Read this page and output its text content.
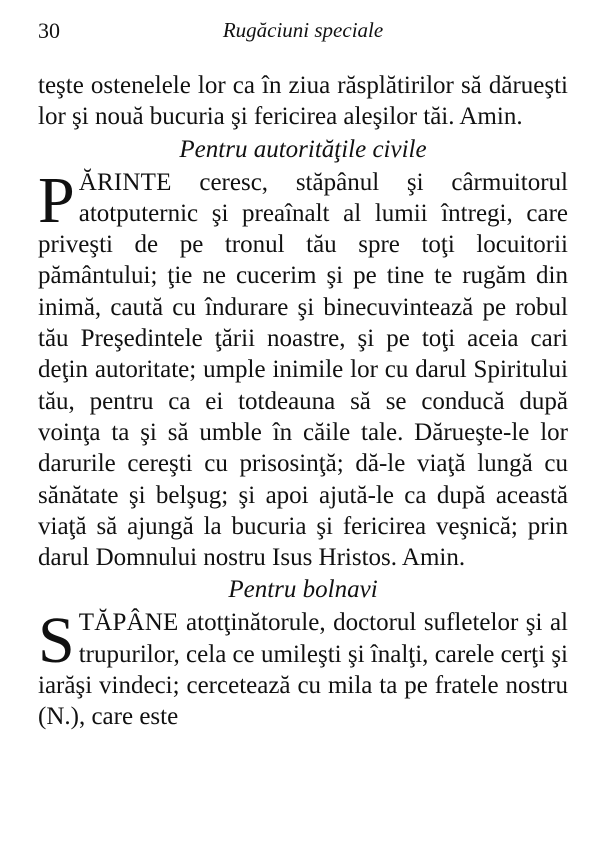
30	Rugăciuni speciale

teşte ostenelele lor ca în ziua răsplătirilor să dărueşti lor şi nouă bucuria şi fericirea aleşilor tăi. Amin.

Pentru autorităţile civile

PĂRINTE ceresc, stăpânul şi cârmuitorul atotputernic şi preaînalt al lumii întregi, care priveşti de pe tronul tău spre toţi locuitorii pământului; ţie ne cucerim şi pe tine te rugăm din inimă, caută cu îndurare şi binecuvintează pe robul tău Preşedintele ţării noastre, şi pe toţi aceia cari deţin autoritate; umple inimile lor cu darul Spiritului tău, pentru ca ei totdeauna să se conducă după voinţa ta şi să umble în căile tale. Dărueşte-le lor darurile cereşti cu prisosinţă; dă-le viaţă lungă cu sănătate şi belşug; şi apoi ajută-le ca după această viaţă să ajungă la bucuria şi fericirea veşnică; prin darul Domnului nostru Isus Hristos. Amin.

Pentru bolnavi

STĂPÂNE atotţinătorule, doctorul sufletelor şi al trupurilor, cela ce umileşti şi înalţi, carele cerţi şi iarăşi vindeci; cercetează cu mila ta pe fratele nostru (N.), care este
